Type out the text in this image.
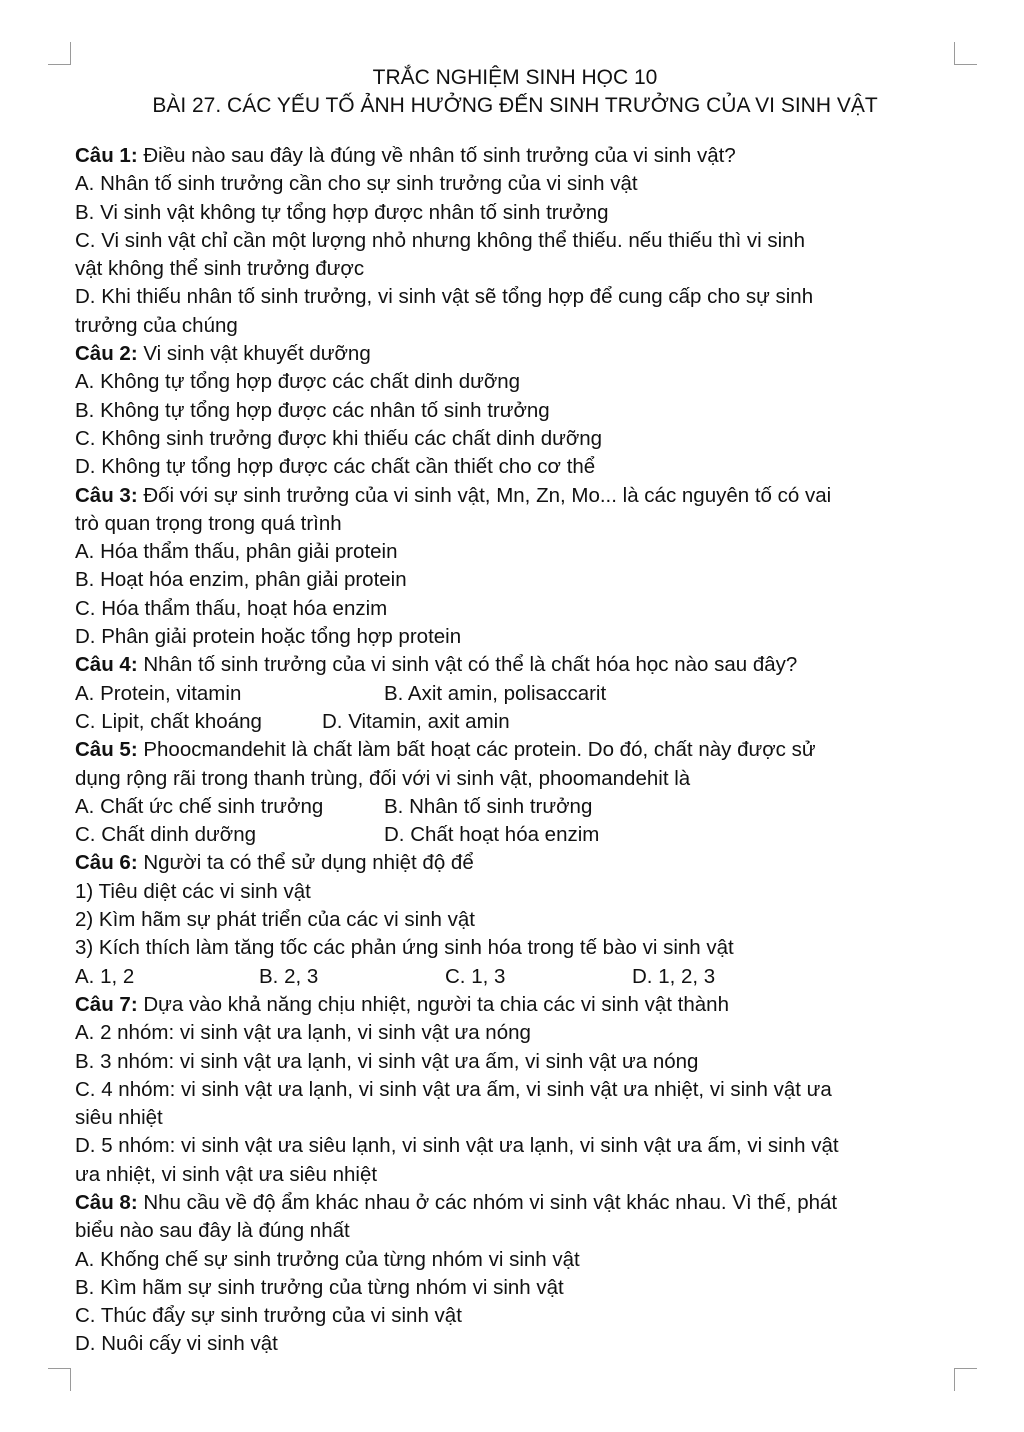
TRẮC NGHIỆM SINH HỌC 10

BÀI 27. CÁC YẾU TỐ ẢNH HƯỞNG ĐẾN SINH TRƯỞNG CỦA VI SINH VẬT

Câu 1: Điều nào sau đây là đúng về nhân tố sinh trưởng của vi sinh vật?

A. Nhân tố sinh trưởng cần cho sự sinh trưởng của vi sinh vật

B. Vi sinh vật không tự tổng hợp được nhân tố sinh trưởng

C. Vi sinh vật chỉ cần một lượng nhỏ nhưng không thể thiếu. nếu thiếu thì vi sinh

vật không thể sinh trưởng được

D. Khi thiếu nhân tố sinh trưởng, vi sinh vật sẽ tổng hợp để cung cấp cho sự sinh

trưởng của chúng

Câu 2: Vi sinh vật khuyết dưỡng

A. Không tự tổng hợp được các chất dinh dưỡng

B. Không tự tổng hợp được các nhân tố sinh trưởng

C. Không sinh trưởng được khi thiếu các chất dinh dưỡng

D. Không tự tổng hợp được các chất cần thiết cho cơ thể

Câu 3: Đối với sự sinh trưởng của vi sinh vật, Mn, Zn, Mo... là các nguyên tố có vai

trò quan trọng trong quá trình

A. Hóa thẩm thấu, phân giải protein

B. Hoạt hóa enzim, phân giải protein

C. Hóa thẩm thấu, hoạt hóa enzim

D. Phân giải protein hoặc tổng hợp protein

Câu 4: Nhân tố sinh trưởng của vi sinh vật có thể là chất hóa học nào sau đây?

A. Protein, vitamin	B. Axit amin, polisaccarit
C. Lipit, chất khoáng	D. Vitamin, axit amin

Câu 5: Phoocmandehit là chất làm bất hoạt các protein. Do đó, chất này được sử

dụng rộng rãi trong thanh trùng, đối với vi sinh vật, phoomandehit là

A. Chất ức chế sinh trưởng	B. Nhân tố sinh trưởng
C. Chất dinh dưỡng	D. Chất hoạt hóa enzim

Câu 6: Người ta có thể sử dụng nhiệt độ để

1) Tiêu diệt các vi sinh vật

2) Kìm hãm sự phát triển của các vi sinh vật

3) Kích thích làm tăng tốc các phản ứng sinh hóa trong tế bào vi sinh vật

A. 1, 2	B. 2, 3	C. 1, 3	D. 1, 2, 3

Câu 7: Dựa vào khả năng chịu nhiệt, người ta chia các vi sinh vật thành

A. 2 nhóm: vi sinh vật ưa lạnh, vi sinh vật ưa nóng

B. 3 nhóm: vi sinh vật ưa lạnh, vi sinh vật ưa ấm, vi sinh vật ưa nóng

C. 4 nhóm: vi sinh vật ưa lạnh, vi sinh vật ưa ấm, vi sinh vật ưa nhiệt, vi sinh vật ưa

siêu nhiệt

D. 5 nhóm: vi sinh vật ưa siêu lạnh, vi sinh vật ưa lạnh, vi sinh vật ưa ấm, vi sinh vật

ưa nhiệt, vi sinh vật ưa siêu nhiệt

Câu 8: Nhu cầu về độ ẩm khác nhau ở các nhóm vi sinh vật khác nhau. Vì thế, phát

biểu nào sau đây là đúng nhất

A. Khống chế sự sinh trưởng của từng nhóm vi sinh vật

B. Kìm hãm sự sinh trưởng của từng nhóm vi sinh vật

C. Thúc đẩy sự sinh trưởng của vi sinh vật

D. Nuôi cấy vi sinh vật
